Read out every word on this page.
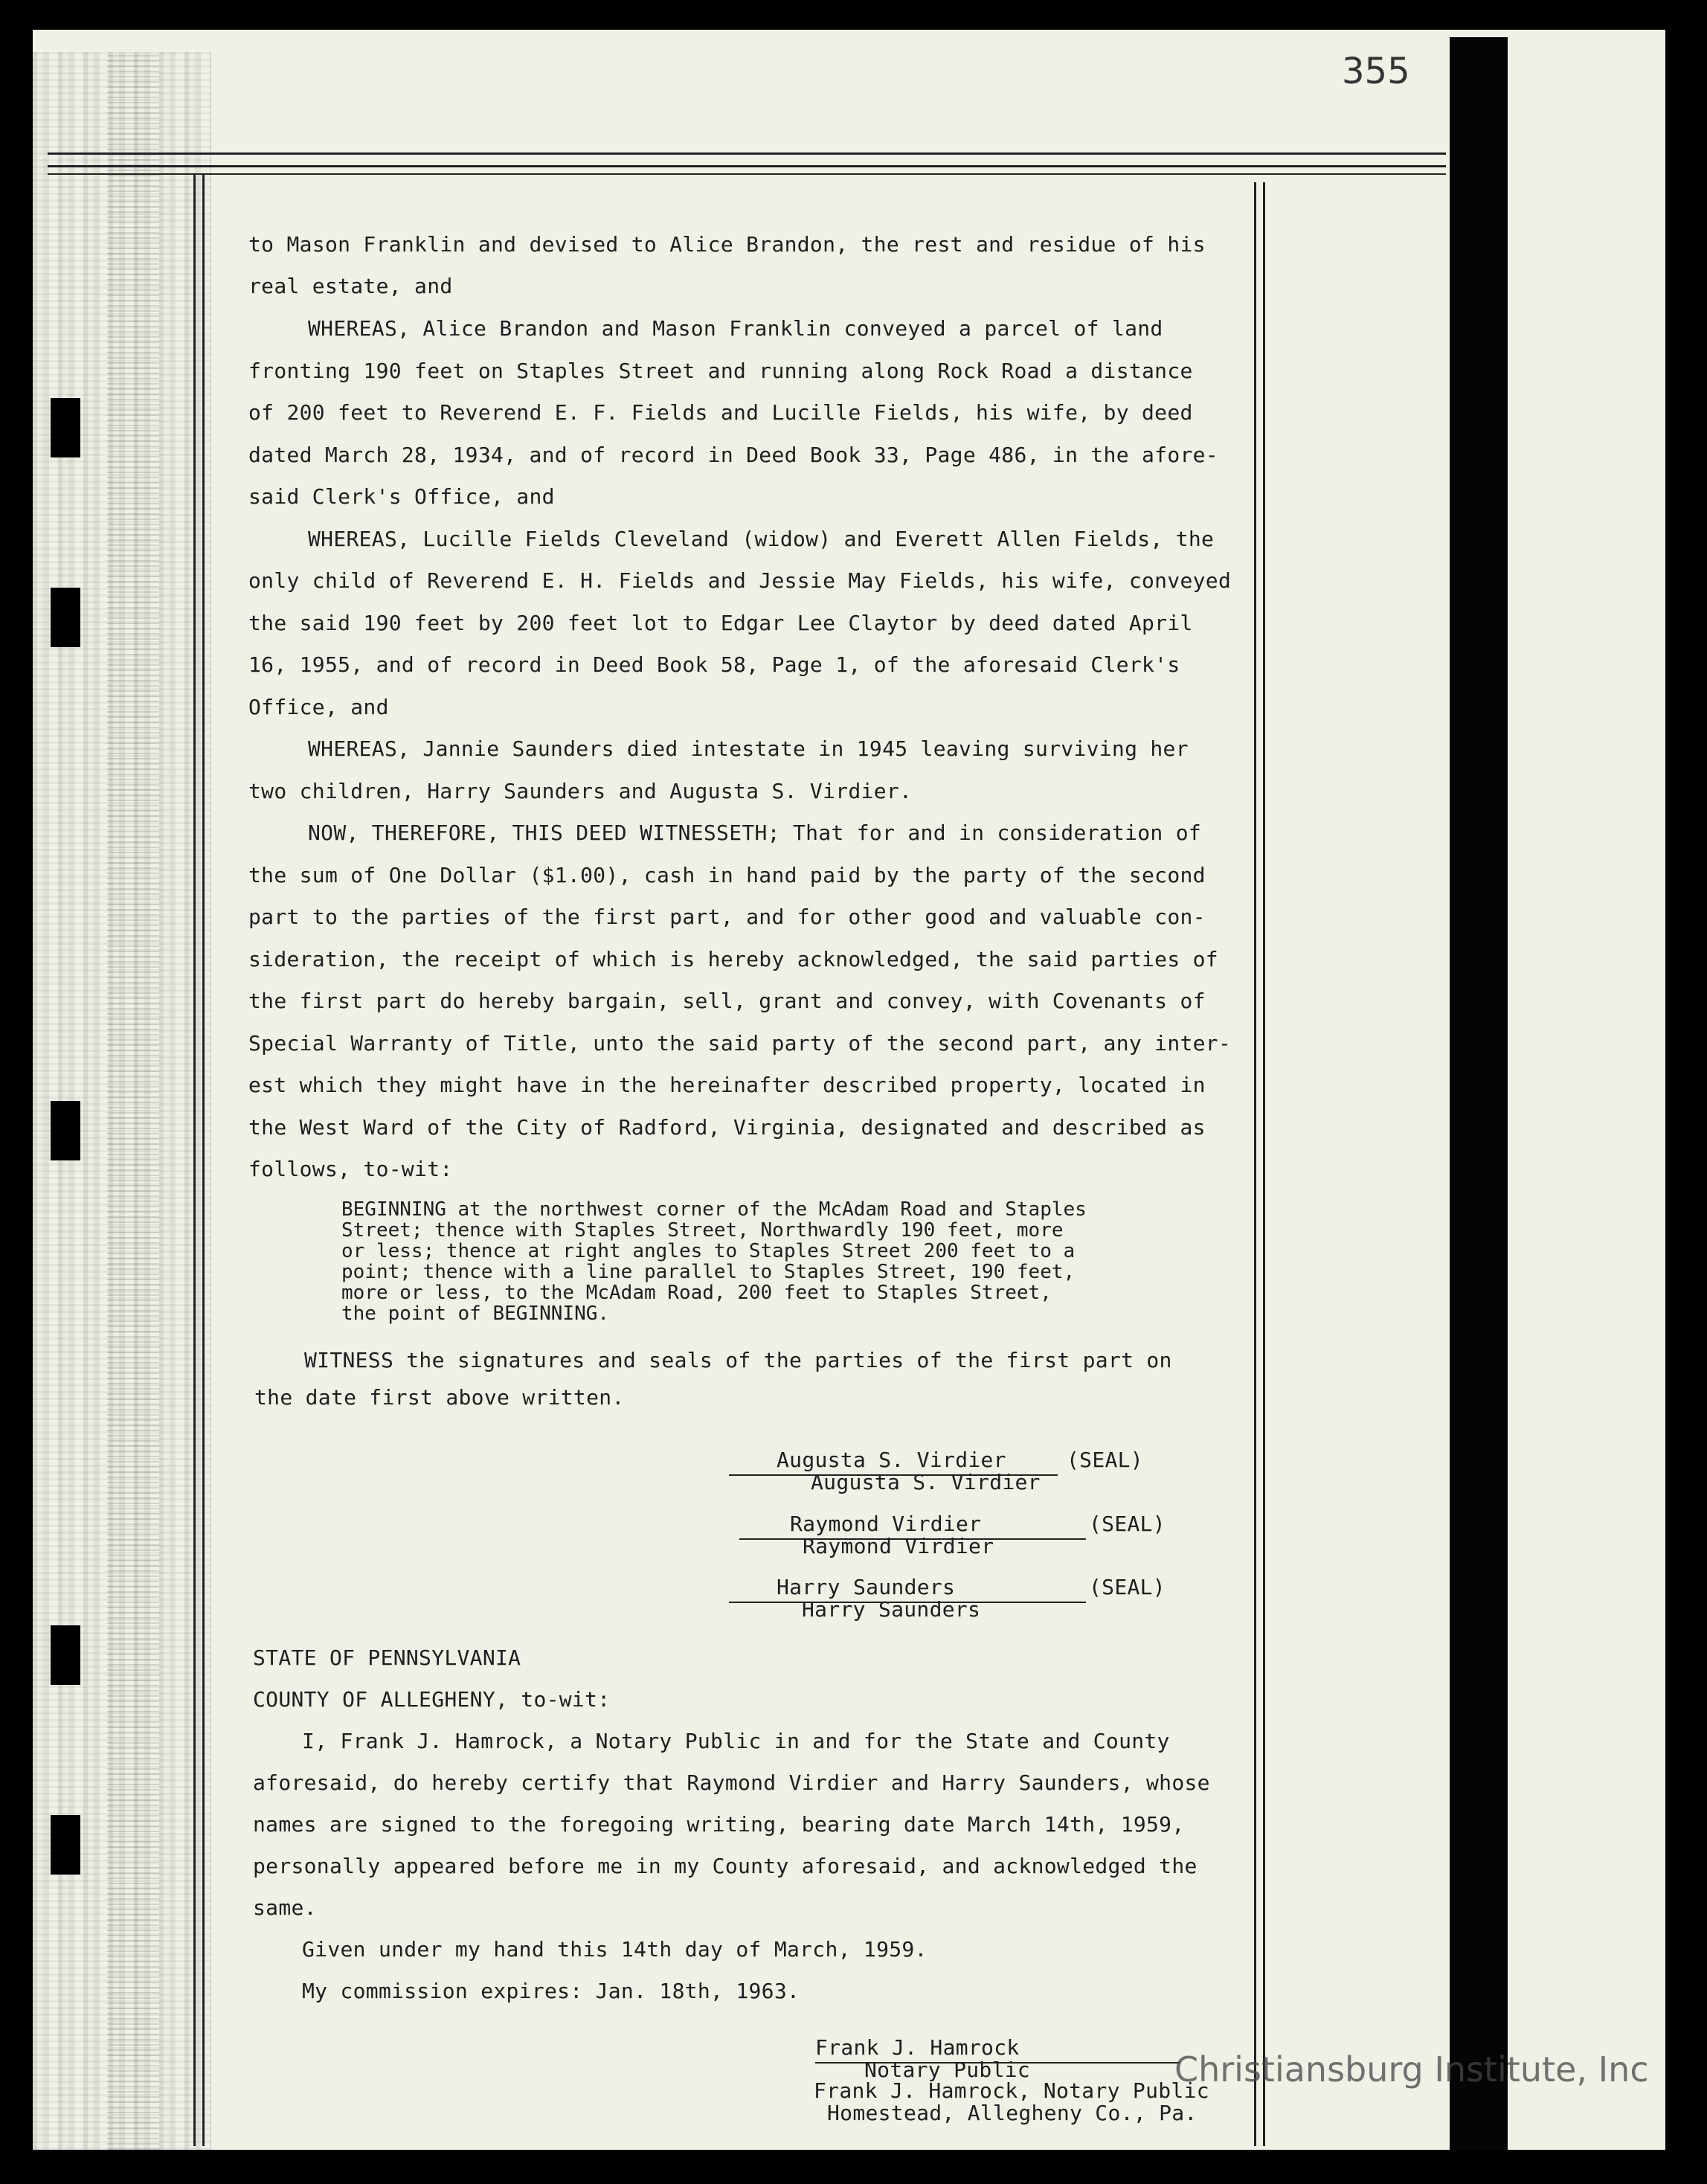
355
to Mason Franklin and devised to Alice Brandon, the rest and residue of his
real estate, and
WHEREAS, Alice Brandon and Mason Franklin conveyed a parcel of land
fronting 190 feet on Staples Street and running along Rock Road a distance
of 200 feet to Reverend E. F. Fields and Lucille Fields, his wife, by deed
dated March 28, 1934, and of record in Deed Book 33, Page 486, in the afore-
said Clerk's Office, and
WHEREAS, Lucille Fields Cleveland (widow) and Everett Allen Fields, the
only child of Reverend E. H. Fields and Jessie May Fields, his wife, conveyed
the said 190 feet by 200 feet lot to Edgar Lee Claytor by deed dated April
16, 1955, and of record in Deed Book 58, Page 1, of the aforesaid Clerk's
Office, and
WHEREAS, Jannie Saunders died intestate in 1945 leaving surviving her
two children, Harry Saunders and Augusta S. Virdier.
NOW, THEREFORE, THIS DEED WITNESSETH; That for and in consideration of
the sum of One Dollar ($1.00), cash in hand paid by the party of the second
part to the parties of the first part, and for other good and valuable con-
sideration, the receipt of which is hereby acknowledged, the said parties of
the first part do hereby bargain, sell, grant and convey, with Covenants of
Special Warranty of Title, unto the said party of the second part, any inter-
est which they might have in the hereinafter described property, located in
the West Ward of the City of Radford, Virginia, designated and described as
follows, to-wit:
BEGINNING at the northwest corner of the McAdam Road and Staples
Street; thence with Staples Street, Northwardly 190 feet, more
or less; thence at right angles to Staples Street 200 feet to a
point; thence with a line parallel to Staples Street, 190 feet,
more or less, to the McAdam Road, 200 feet to Staples Street,
the point of BEGINNING.
WITNESS the signatures and seals of the parties of the first part on
the date first above written.
Augusta S. Virdier	(SEAL)
Augusta S. Virdier
Raymond Virdier	(SEAL)
Raymond Virdier
Harry Saunders	(SEAL)
Harry Saunders
STATE OF PENNSYLVANIA
COUNTY OF ALLEGHENY, to-wit:
I, Frank J. Hamrock, a Notary Public in and for the State and County
aforesaid, do hereby certify that Raymond Virdier and Harry Saunders, whose
names are signed to the foregoing writing, bearing date March 14th, 1959,
personally appeared before me in my County aforesaid, and acknowledged the
same.
Given under my hand this 14th day of March, 1959.
My commission expires: Jan. 18th, 1963.
Frank J. Hamrock
Notary Public
Frank J. Hamrock, Notary Public
Homestead, Allegheny Co., Pa.
Christiansburg Institute, Inc
